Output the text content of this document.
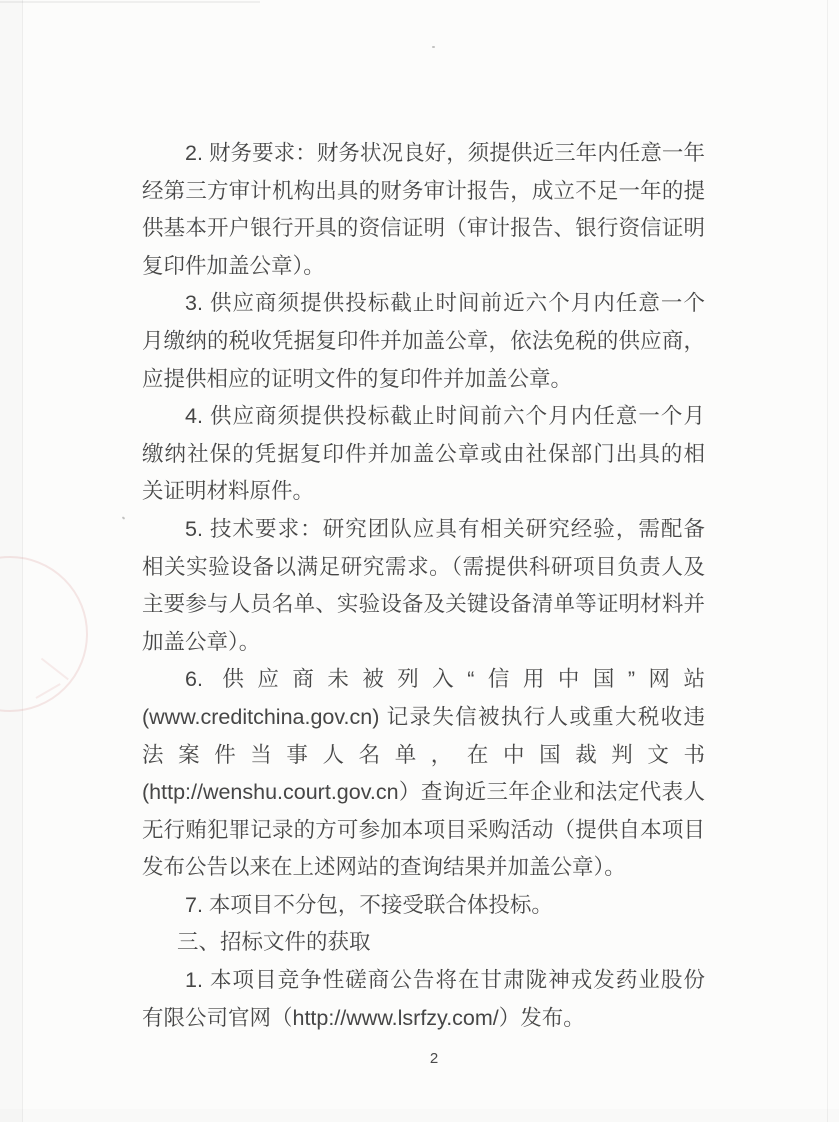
2. 财务要求：财务状况良好，须提供近三年内任意一年
经第三方审计机构出具的财务审计报告，成立不足一年的提
供基本开户银行开具的资信证明（审计报告、银行资信证明
复印件加盖公章）。
3. 供应商须提供投标截止时间前近六个月内任意一个
月缴纳的税收凭据复印件并加盖公章，依法免税的供应商，
应提供相应的证明文件的复印件并加盖公章。
4. 供应商须提供投标截止时间前六个月内任意一个月
缴纳社保的凭据复印件并加盖公章或由社保部门出具的相
关证明材料原件。
5. 技术要求：研究团队应具有相关研究经验，需配备
相关实验设备以满足研究需求。（需提供科研项目负责人及
主要参与人员名单、实验设备及关键设备清单等证明材料并
加盖公章）。
6. 供应商未被列入“信用中国”网站
(www.creditchina.gov.cn) 记录失信被执行人或重大税收违
法案件当事人名单，在中国裁判文书
(http://wenshu.court.gov.cn）查询近三年企业和法定代表人
无行贿犯罪记录的方可参加本项目采购活动（提供自本项目
发布公告以来在上述网站的查询结果并加盖公章）。
7. 本项目不分包，不接受联合体投标。
三、招标文件的获取
1. 本项目竞争性磋商公告将在甘肃陇神戎发药业股份
有限公司官网（http://www.lsrfzy.com/）发布。
2
